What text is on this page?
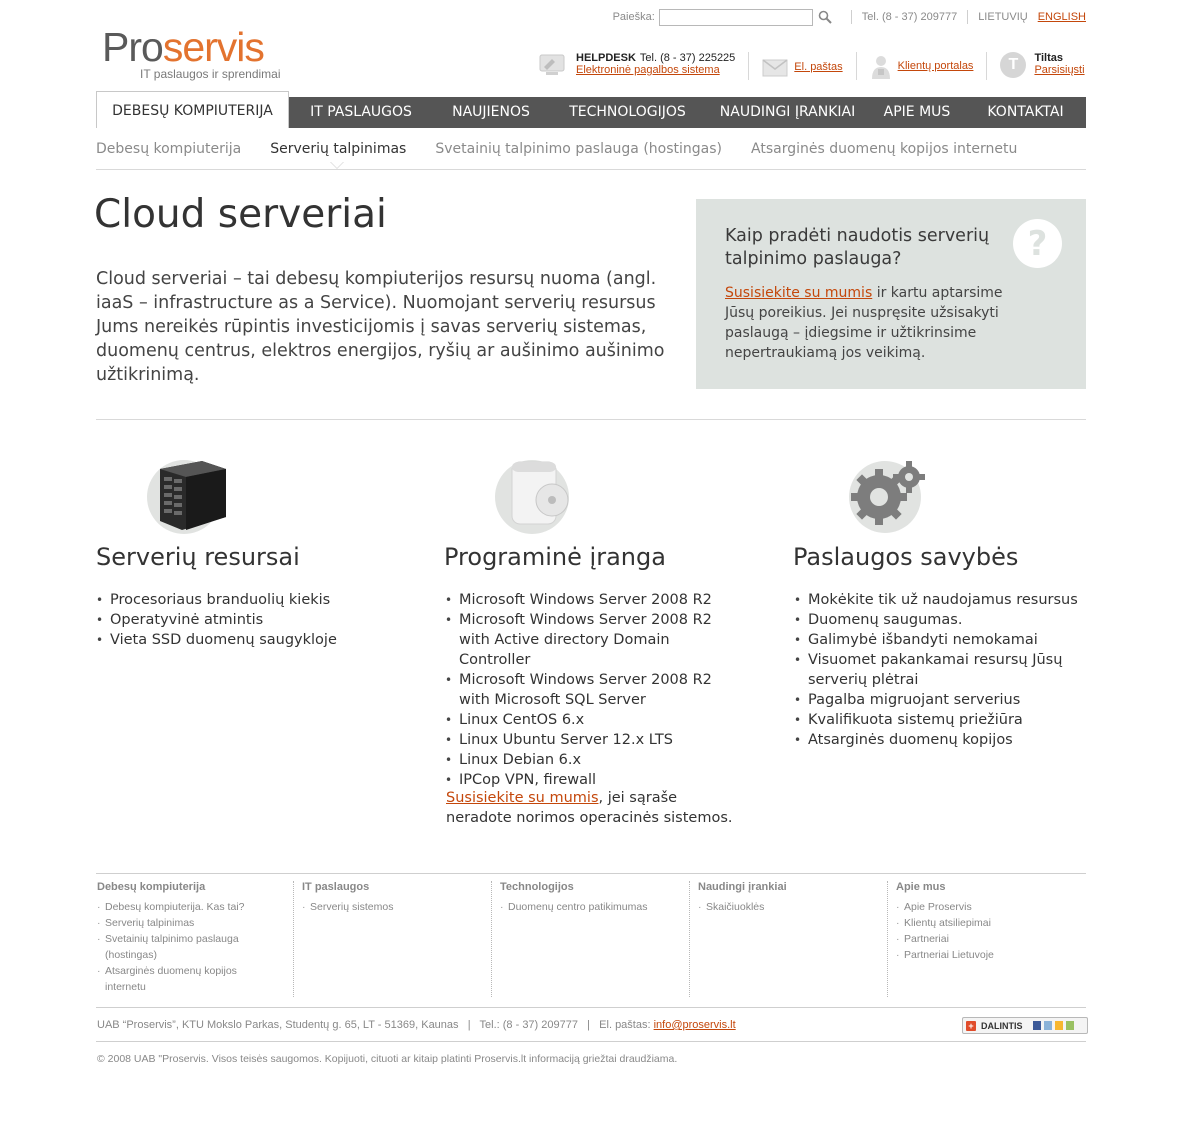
Paieška:	Tel. (8 - 37) 209777 LIETUVIŲ ENGLISH
Proservis
IT paslaugos ir sprendimai
HELPDESK Tel. (8 - 37) 225225
Elektroninė pagalbos sistema	El. paštas	Klientų portalas	T	Tiltas
Parsisiųsti
DEBESŲ KOMPIUTERIJA	IT PASLAUGOS	NAUJIENOS	TECHNOLOGIJOS	NAUDINGI ĮRANKIAI	APIE MUS	KONTAKTAI
Debesų kompiuterija Serverių talpinimas Svetainių talpinimo paslauga (hostingas) Atsarginės duomenų kopijos internetu
Cloud serveriai
Cloud serveriai – tai debesų kompiuterijos resursų nuoma (angl. iaaS – infrastructure as a Service). Nuomojant serverių resursus Jums nereikės rūpintis investicijomis į savas serverių sistemas, duomenų centrus, elektros energijos, ryšių ar aušinimo aušinimo užtikrinimą.
Kaip pradėti naudotis serverių talpinimo paslauga?	?
Susisiekite su mumis ir kartu aptarsime Jūsų poreikius. Jei nuspręsite užsisakyti paslaugą – įdiegsime ir užtikrinsime nepertraukiamą jos veikimą.
Serverių resursai
• Procesoriaus branduolių kiekis
• Operatyvinė atmintis
• Vieta SSD duomenų saugykloje
Programinė įranga
• Microsoft Windows Server 2008 R2
• Microsoft Windows Server 2008 R2 with Active directory Domain Controller
• Microsoft Windows Server 2008 R2 with Microsoft SQL Server
• Linux CentOS 6.x
• Linux Ubuntu Server 12.x LTS
• Linux Debian 6.x
• IPCop VPN, firewall
Susisiekite su mumis, jei sąraše neradote norimos operacinės sistemos.
Paslaugos savybės
• Mokėkite tik už naudojamus resursus
• Duomenų saugumas.
• Galimybė išbandyti nemokamai
• Visuomet pakankamai resursų Jūsų serverių plėtrai
• Pagalba migruojant serverius
• Kvalifikuota sistemų priežiūra
• Atsarginės duomenų kopijos
Debesų kompiuterija
· Debesų kompiuterija. Kas tai?
· Serverių talpinimas
· Svetainių talpinimo paslauga (hostingas)
· Atsarginės duomenų kopijos internetu
IT paslaugos
· Serverių sistemos
Technologijos
· Duomenų centro patikimumas
Naudingi įrankiai
· Skaičiuoklės
Apie mus
· Apie Proservis
· Klientų atsiliepimai
· Partneriai
· Partneriai Lietuvoje
UAB “Proservis”, KTU Mokslo Parkas, Studentų g. 65, LT - 51369, Kaunas   |   Tel.: (8 - 37) 209777   |   El. paštas: info@proservis.lt	+ DALINTIS
© 2008 UAB "Proservis. Visos teisės saugomos. Kopijuoti, cituoti ar kitaip platinti Proservis.lt informaciją griežtai draudžiama.
